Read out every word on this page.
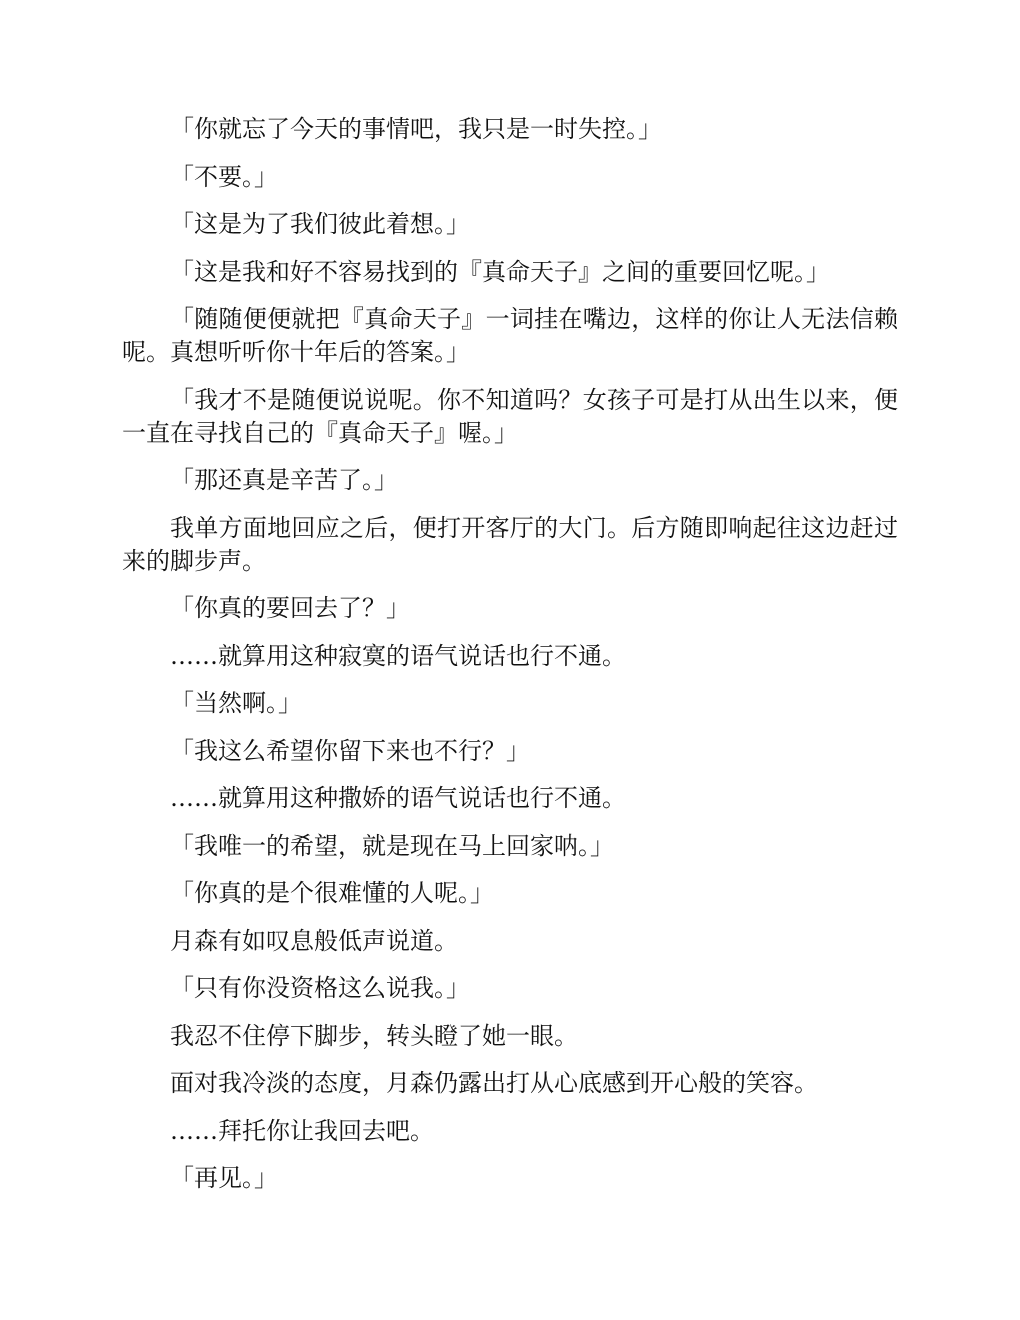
「你就忘了今天的事情吧，我只是一时失控。」

「不要。」

「这是为了我们彼此着想。」

「这是我和好不容易找到的『真命天子』之间的重要回忆呢。」

「随随便便就把『真命天子』一词挂在嘴边，这样的你让人无法信赖呢。真想听听你十年后的答案。」

「我才不是随便说说呢。你不知道吗？女孩子可是打从出生以来，便一直在寻找自己的『真命天子』喔。」

「那还真是辛苦了。」

我单方面地回应之后，便打开客厅的大门。后方随即响起往这边赶过来的脚步声。

「你真的要回去了？」

……就算用这种寂寞的语气说话也行不通。

「当然啊。」

「我这么希望你留下来也不行？」

……就算用这种撒娇的语气说话也行不通。

「我唯一的希望，就是现在马上回家呐。」

「你真的是个很难懂的人呢。」

月森有如叹息般低声说道。

「只有你没资格这么说我。」

我忍不住停下脚步，转头瞪了她一眼。

面对我冷淡的态度，月森仍露出打从心底感到开心般的笑容。

……拜托你让我回去吧。

「再见。」
